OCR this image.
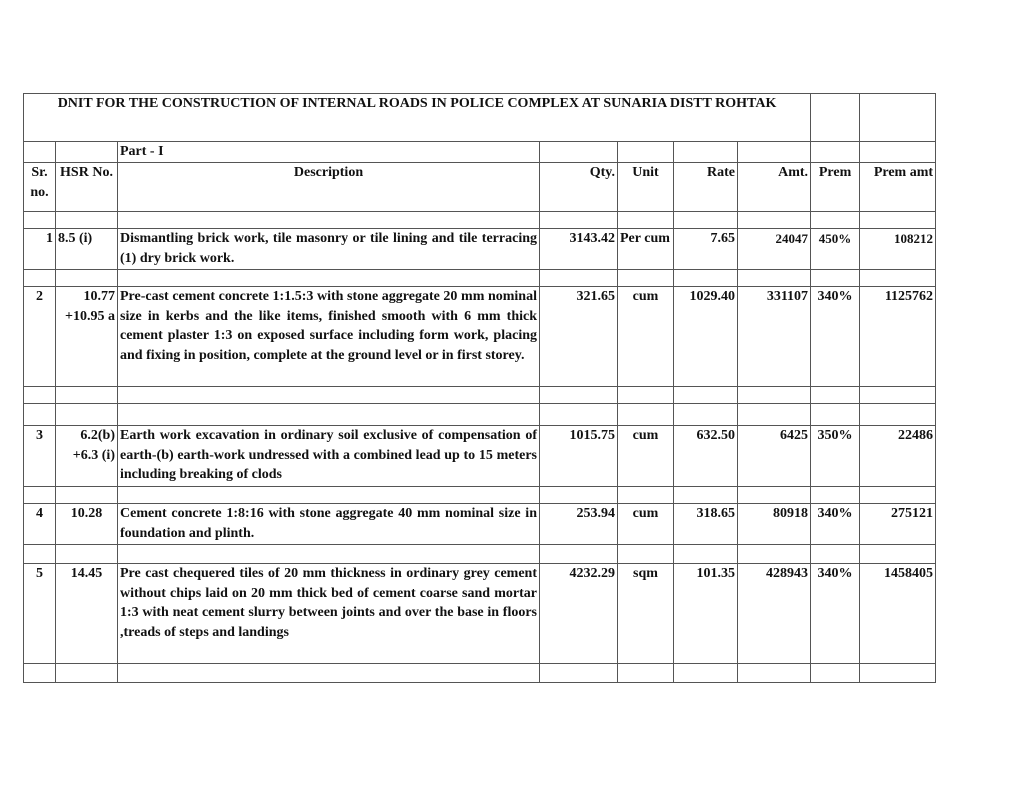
DNIT FOR THE CONSTRUCTION OF INTERNAL ROADS IN POLICE COMPLEX AT SUNARIA DISTT ROHTAK								
		Part - I						
Sr. no.	HSR No.	Description	Qty.	Unit	Rate	Amt.	Prem	Prem amt

1	8.5 (i)	Dismantling brick work, tile masonry or tile lining and tile terracing (1) dry brick work.	3143.42	Per cum	7.65	24047	450%	108212

2	10.77 +10.95 a	Pre-cast cement concrete 1:1.5:3 with stone aggregate 20 mm nominal size in kerbs and the like items, finished smooth with 6 mm thick cement plaster 1:3 on exposed surface including form work, placing and fixing in position, complete at the ground level or in first storey.	321.65	cum	1029.40	331107	340%	1125762

3	6.2(b) +6.3 (i)	Earth work excavation in ordinary soil exclusive of compensation of earth-(b) earth-work undressed with a combined lead up to 15 meters including breaking of clods	1015.75	cum	632.50	6425	350%	22486

4	10.28	Cement concrete 1:8:16 with stone aggregate 40 mm nominal size in foundation and plinth.	253.94	cum	318.65	80918	340%	275121

5	14.45	Pre cast chequered tiles of 20 mm thickness in ordinary grey cement without chips laid on 20 mm thick bed of cement coarse sand mortar 1:3 with neat cement slurry between joints and over the base in floors ,treads of steps and landings	4232.29	sqm	101.35	428943	340%	1458405
